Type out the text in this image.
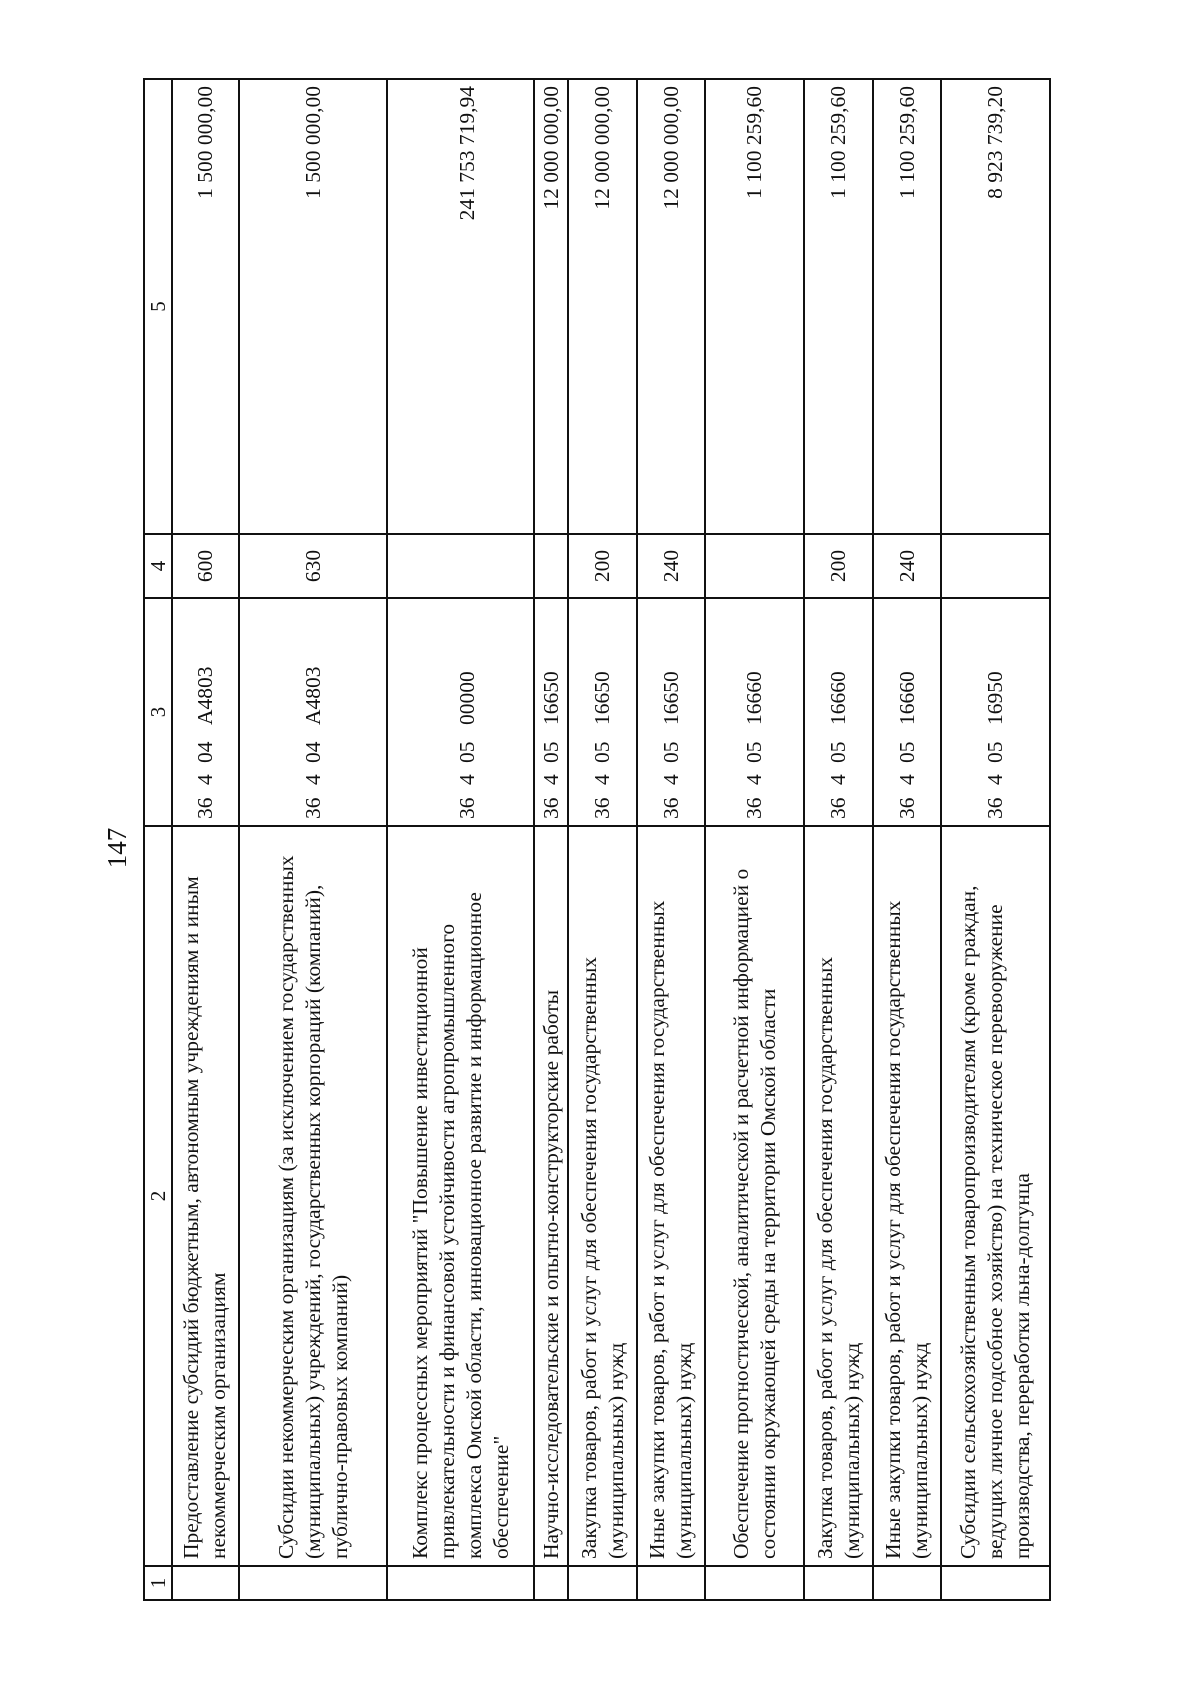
147
1	2	3	4	5
	Предоставление субсидий бюджетным, автономным учреждениям и иным некоммерческим организациям	36404А4803	600	1 500 000,00
	Субсидии некоммерческим организациям (за исключением государственных (муниципальных) учреждений, государственных корпораций (компаний), публично-правовых компаний)	36404А4803	630	1 500 000,00
	Комплекс процессных мероприятий "Повышение инвестиционной привлекательности и финансовой устойчивости агропромышленного комплекса Омской области, инновационное развитие и информационное обеспечение"	3640500000		241 753 719,94
	Научно-исследовательские и опытно-конструкторские работы	3640516650		12 000 000,00
	Закупка товаров, работ и услуг для обеспечения государственных (муниципальных) нужд	3640516650	200	12 000 000,00
	Иные закупки товаров, работ и услуг для обеспечения государственных (муниципальных) нужд	3640516650	240	12 000 000,00
	Обеспечение прогностической, аналитической и расчетной информацией о состоянии окружающей среды на территории Омской области	3640516660		1 100 259,60
	Закупка товаров, работ и услуг для обеспечения государственных (муниципальных) нужд	3640516660	200	1 100 259,60
	Иные закупки товаров, работ и услуг для обеспечения государственных (муниципальных) нужд	3640516660	240	1 100 259,60
	Субсидии сельскохозяйственным товаропроизводителям (кроме граждан, ведущих личное подсобное хозяйство) на техническое перевооружение производства, переработки льна-долгунца	3640516950		8 923 739,20
